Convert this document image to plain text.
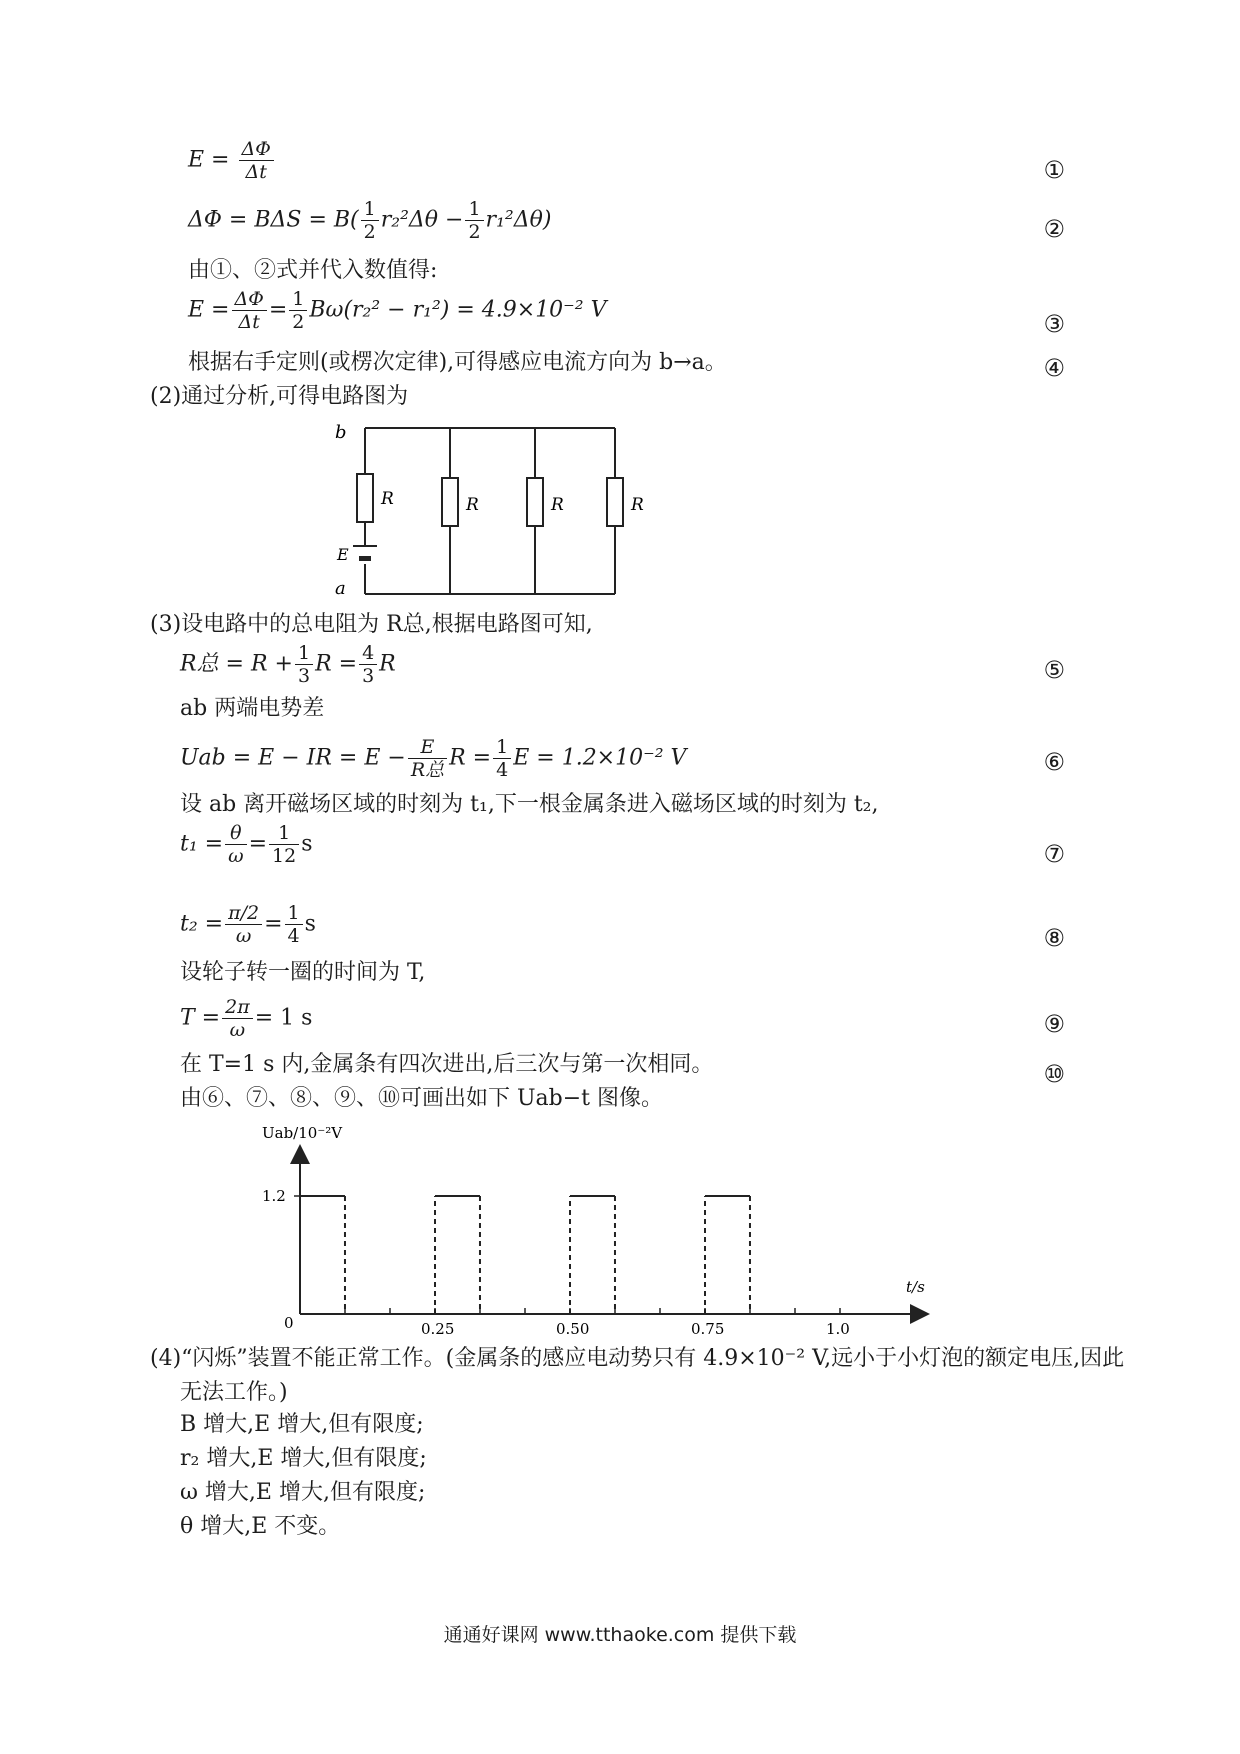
$E = \frac{\Delta\Phi}{\Delta t}$	①
$\Delta\Phi = B\Delta S = B( \frac{1}{2} r_2^2\Delta\theta - \frac{1}{2} r_1^2\Delta\theta)$	②
由①、②式并代入数值得:
$E = \frac{\Delta\Phi}{\Delta t} = \frac{1}{2} B\omega(r_2^2 - r_1^2) = 4.9\times 10^{-2}$ V	③
根据右手定则(或楞次定律),可得感应电流方向为 b→a。	④
(2)通过分析,可得电路图为
b
a
E
R	R	R	R
(3)设电路中的总电阻为 R总,根据电路图可知,
R总 = $R + \frac{1}{3}$ $R = \frac{4}{3}$ R	⑤
ab 两端电势差
Uab = E − IR = $E - \frac{E}{\text{R总}}$ $R = \frac{1}{4}$ E = 1.2×10⁻² V	⑥
设 ab 离开磁场区域的时刻为 t₁,下一根金属条进入磁场区域的时刻为 t₂,
$t_1 = \frac{\theta}{\omega} = \frac{1}{12}$ s	⑦
$t_2 = \frac{\pi/2}{\omega} = \frac{1}{4}$ s	⑧
设轮子转一圈的时间为 T,
$T = \frac{2\pi}{\omega} = 1$ s	⑨
在 T=1 s 内,金属条有四次进出,后三次与第一次相同。	⑩
由⑥、⑦、⑧、⑨、⑩可画出如下 Uab−t 图像。
Uab/10⁻²V
t/s
0
1.2
0.25	0.50	0.75	1.0
(4)“闪烁”装置不能正常工作。(金属条的感应电动势只有 4.9×10⁻² V,远小于小灯泡的额定电压,因此
无法工作。)
B 增大,E 增大,但有限度;
r₂ 增大,E 增大,但有限度;
ω 增大,E 增大,但有限度;
θ 增大,E 不变。
通通好课网 www.tthaoke.com 提供下载
